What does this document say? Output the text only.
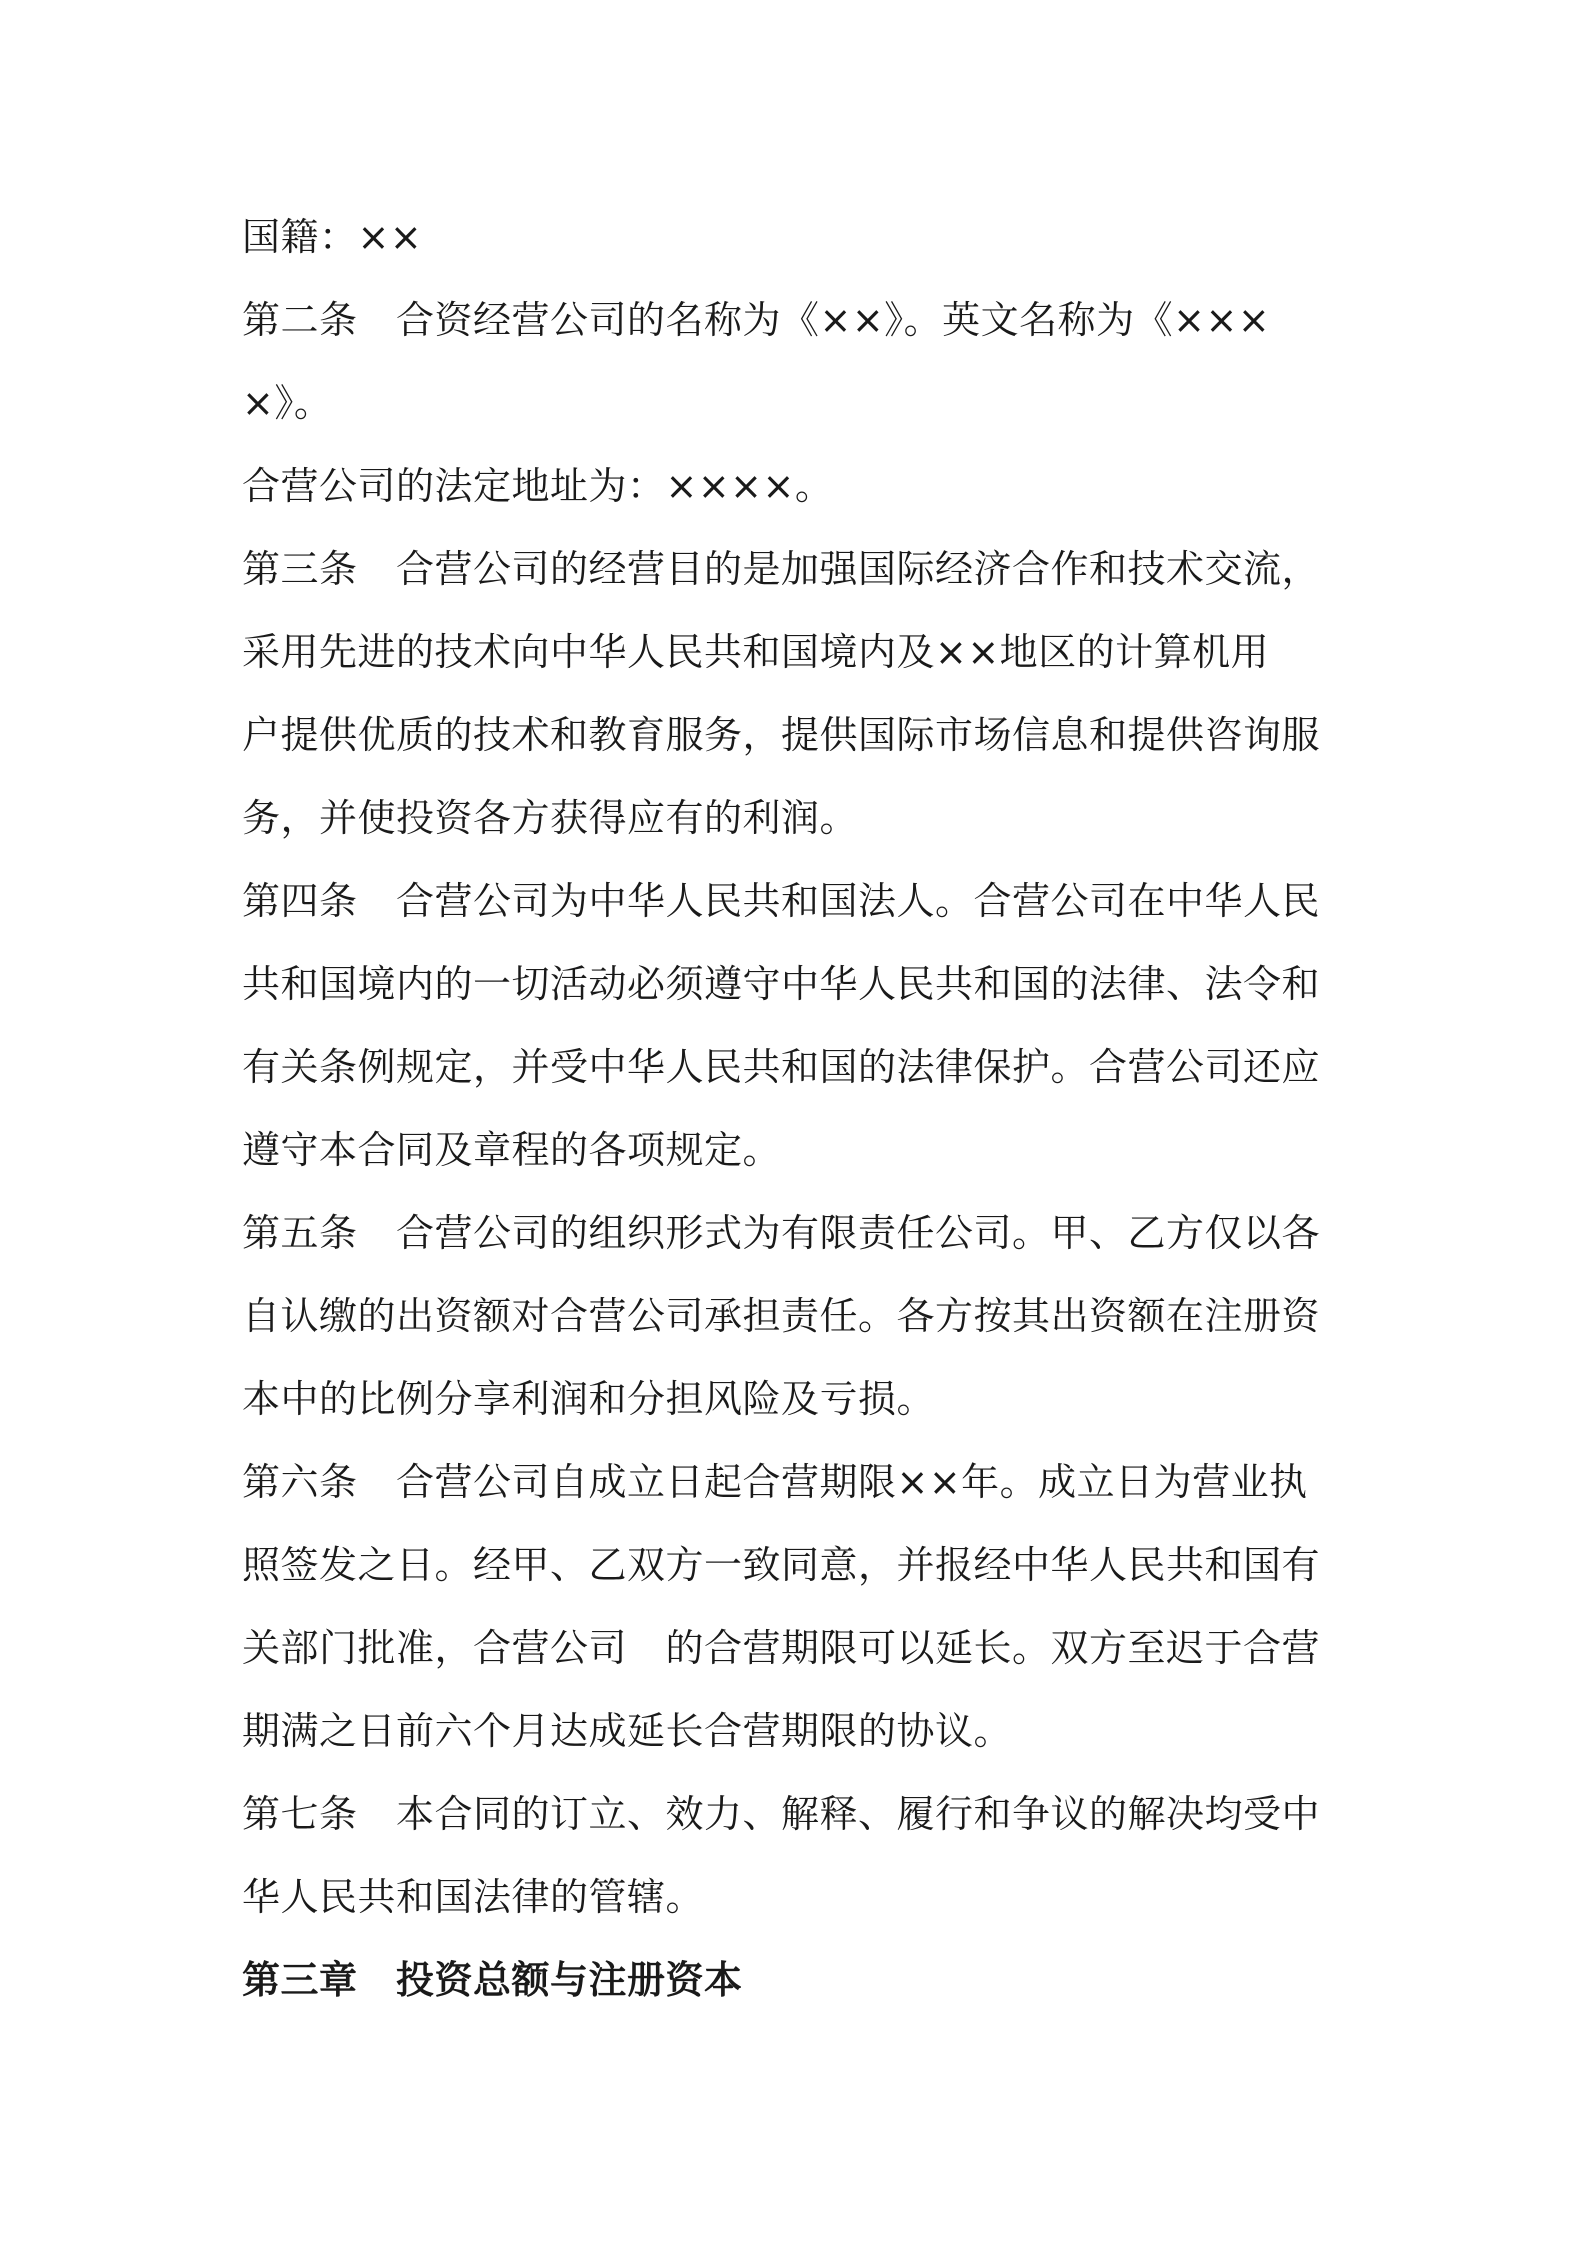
国籍：××
第二条　合资经营公司的名称为《××》。英文名称为《×××
×》。
合营公司的法定地址为：××××。
第三条　合营公司的经营目的是加强国际经济合作和技术交流，
采用先进的技术向中华人民共和国境内及××地区的计算机用
户提供优质的技术和教育服务，提供国际市场信息和提供咨询服
务，并使投资各方获得应有的利润。
第四条　合营公司为中华人民共和国法人。合营公司在中华人民
共和国境内的一切活动必须遵守中华人民共和国的法律、法令和
有关条例规定，并受中华人民共和国的法律保护。合营公司还应
遵守本合同及章程的各项规定。
第五条　合营公司的组织形式为有限责任公司。甲、乙方仅以各
自认缴的出资额对合营公司承担责任。各方按其出资额在注册资
本中的比例分享利润和分担风险及亏损。
第六条　合营公司自成立日起合营期限××年。成立日为营业执
照签发之日。经甲、乙双方一致同意，并报经中华人民共和国有
关部门批准，合营公司　的合营期限可以延长。双方至迟于合营
期满之日前六个月达成延长合营期限的协议。
第七条　本合同的订立、效力、解释、履行和争议的解决均受中
华人民共和国法律的管辖。
第三章　投资总额与注册资本
